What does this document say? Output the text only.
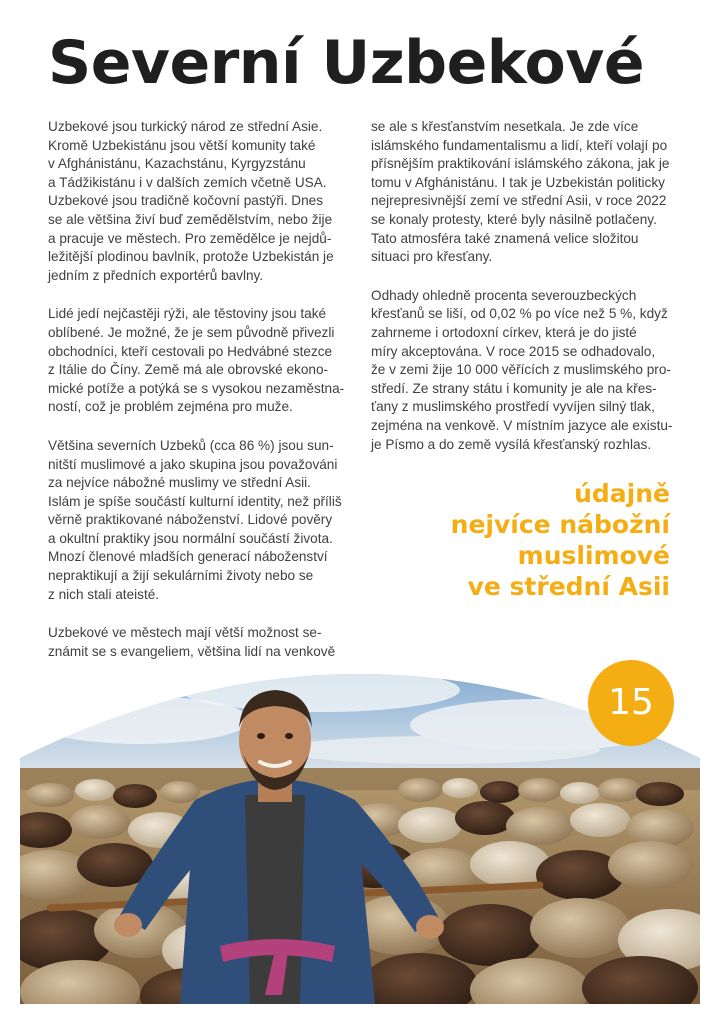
Severní Uzbekové

Uzbekové jsou turkický národ ze střední Asie.
Kromě Uzbekistánu jsou větší komunity také
v Afghánistánu, Kazachstánu, Kyrgyzstánu
a Tádžikistánu i v dalších zemích včetně USA.
Uzbekové jsou tradičně kočovní pastýři. Dnes
se ale většina živí buď zemědělstvím, nebo žije
a pracuje ve městech. Pro zemědělce je nejdů-
ležitější plodinou bavlník, protože Uzbekistán je
jedním z předních exportérů bavlny.

Lidé jedí nejčastěji rýži, ale těstoviny jsou také
oblíbené. Je možné, že je sem původně přivezli
obchodníci, kteří cestovali po Hedvábné stezce
z Itálie do Číny. Země má ale obrovské ekono-
mické potíže a potýká se s vysokou nezaměstna-
ností, což je problém zejména pro muže.

Většina severních Uzbeků (cca 86 %) jsou sun-
nitští muslimové a jako skupina jsou považováni
za nejvíce nábožné muslimy ve střední Asii.
Islám je spíše součástí kulturní identity, než příliš
věrně praktikované náboženství. Lidové pověry
a okultní praktiky jsou normální součástí života.
Mnozí členové mladších generací náboženství
nepraktikují a žijí sekulárními životy nebo se
z nich stali ateisté.

Uzbekové ve městech mají větší možnost se-
známit se s evangeliem, většina lidí na venkově

se ale s křesťanstvím nesetkala. Je zde více
islámského fundamentalismu a lidí, kteří volají po
přísnějším praktikování islámského zákona, jak je
tomu v Afghánistánu. I tak je Uzbekistán politicky
nejrepresivnější zemí ve střední Asii, v roce 2022
se konaly protesty, které byly násilně potlačeny.
Tato atmosféra také znamená velice složitou
situaci pro křesťany.

Odhady ohledně procenta severouzbeckých
křesťanů se liší, od 0,02 % po více než 5 %, když
zahrneme i ortodoxní církev, která je do jisté
míry akceptována. V roce 2015 se odhadovalo,
že v zemi žije 10 000 věřících z muslimského pro-
středí. Ze strany státu i komunity je ale na křes-
ťany z muslimského prostředí vyvíjen silný tlak,
zejména na venkově. V místním jazyce ale existu-
je Písmo a do země vysílá křesťanský rozhlas.

údajně
nejvíce nábožní
muslimové
ve střední Asii
15
